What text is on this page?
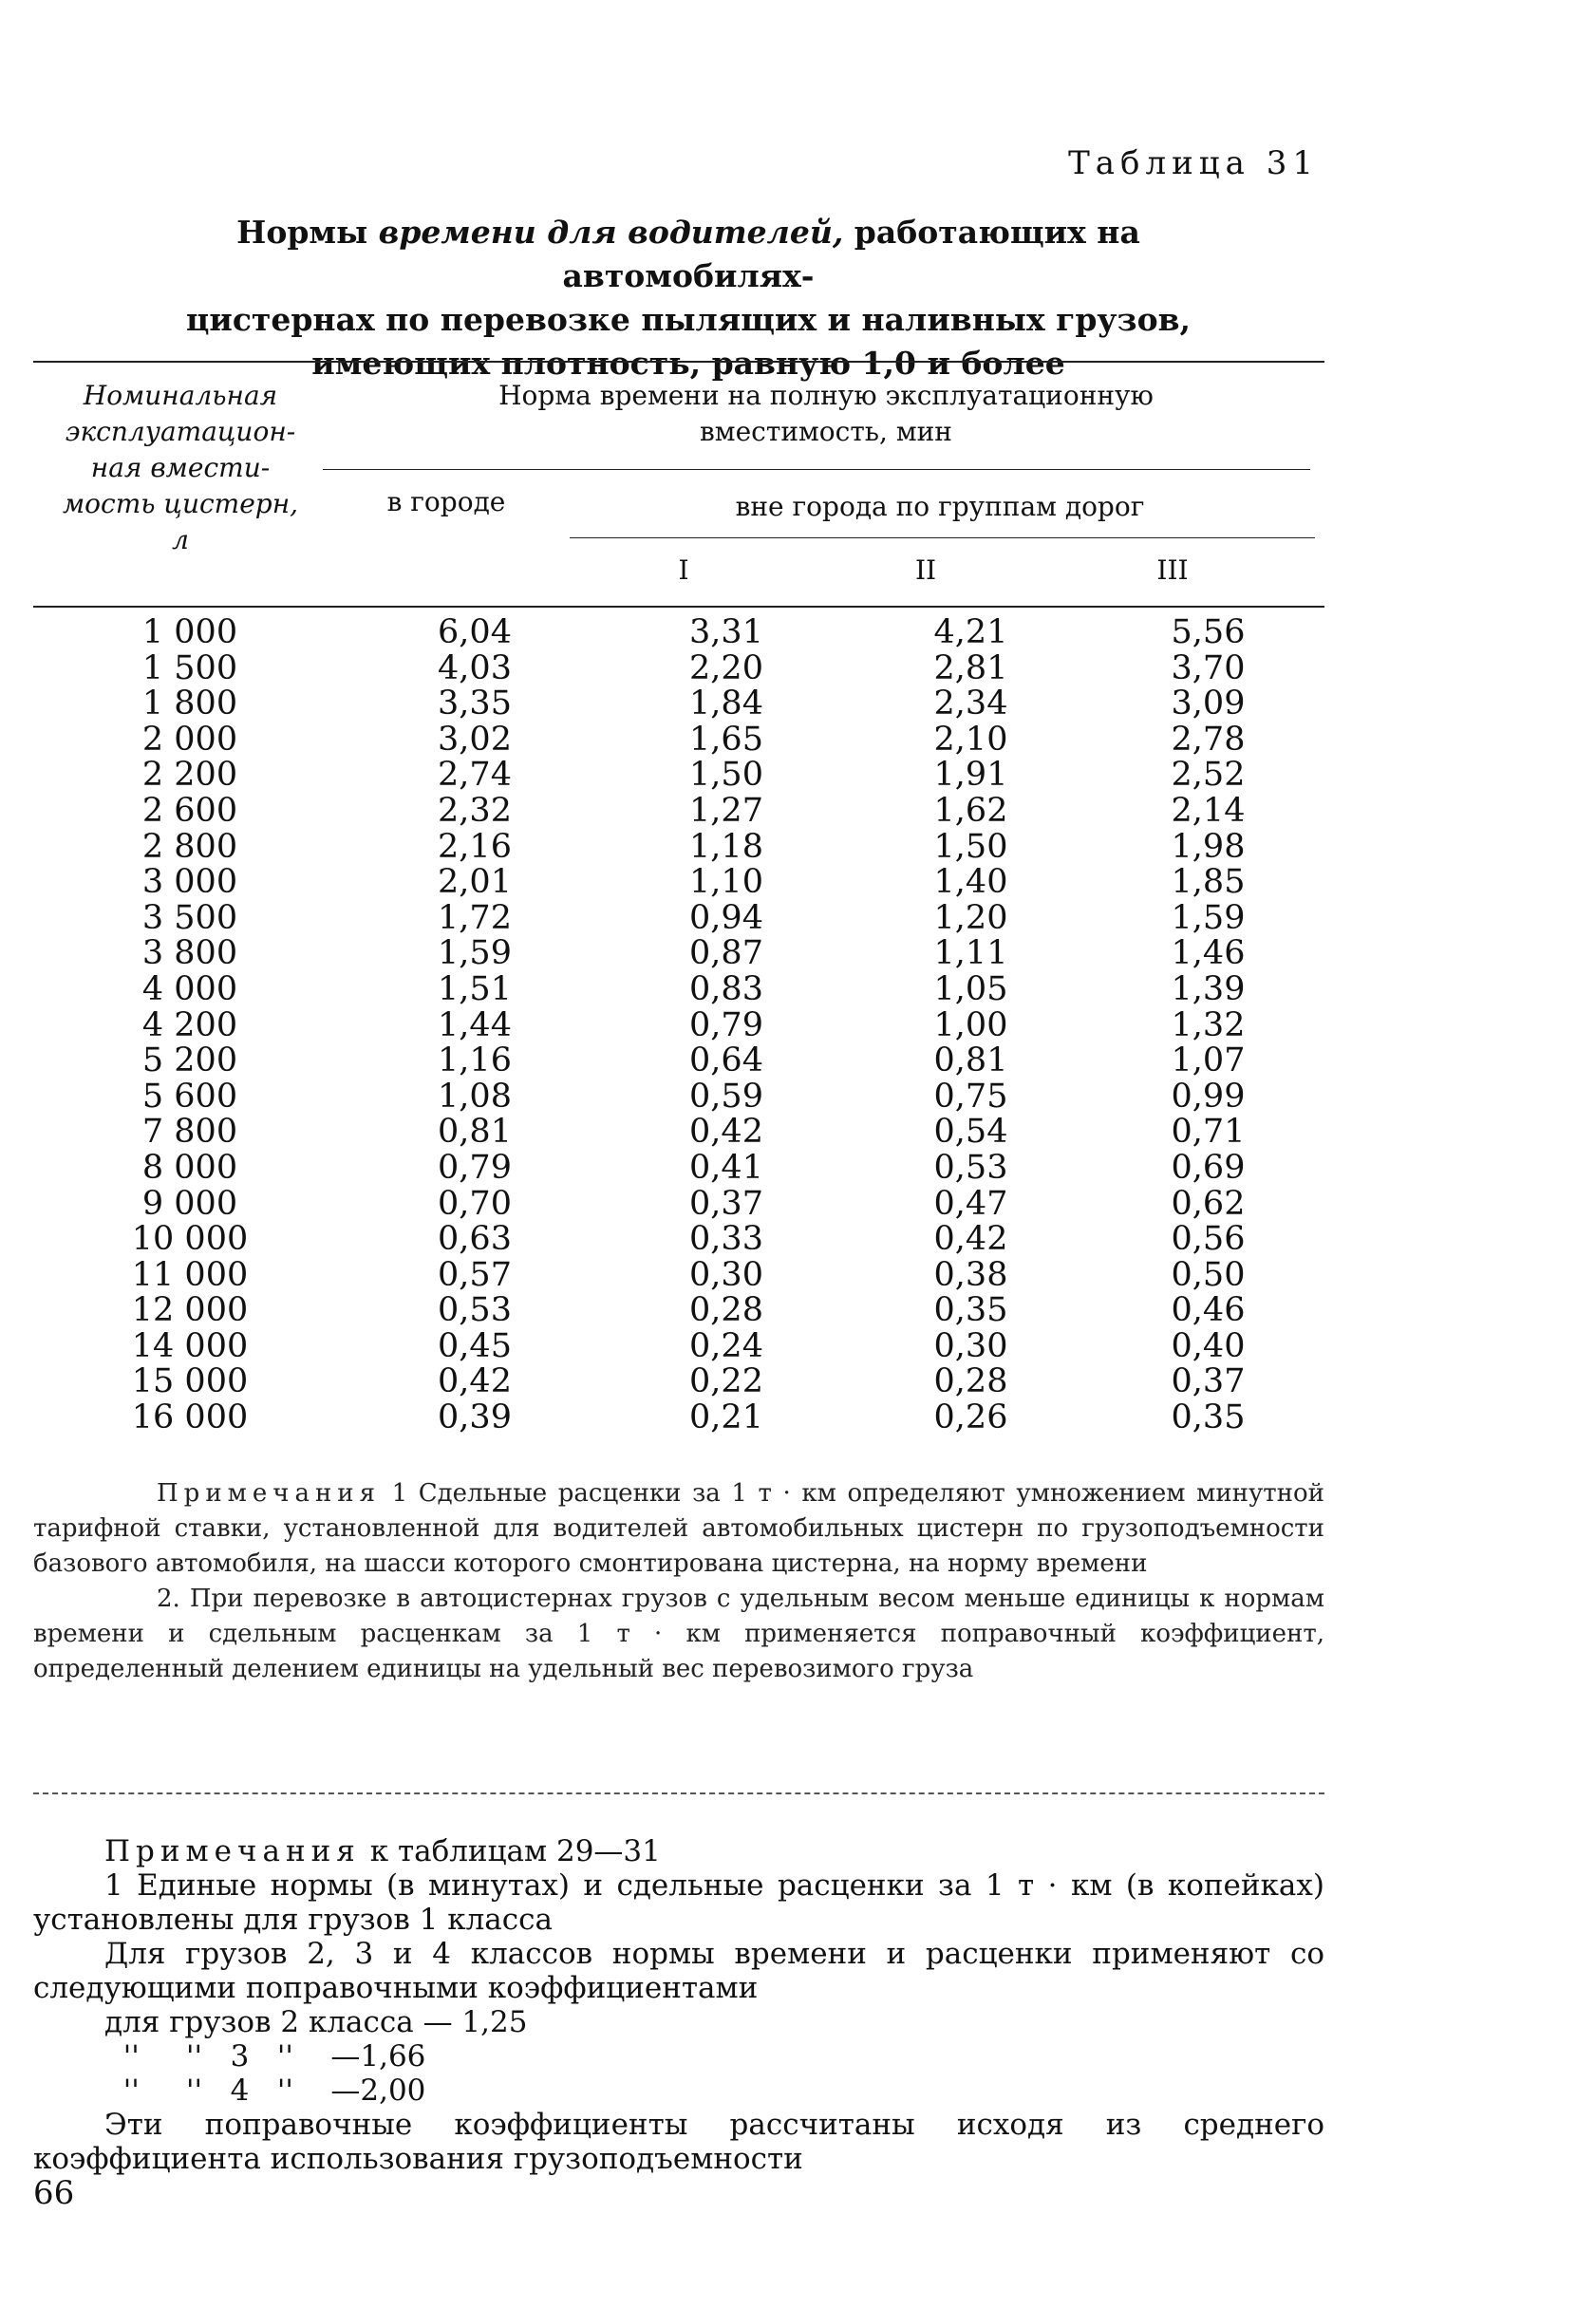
Таблица 31
Нормы времени для водителей, работающих на автомобилях-
цистернах по перевозке пылящих и наливных грузов,
имеющих плотность, равную 1,0 и более
Номинальная
эксплуатацион-
ная вмести-
мость цистерн,
л
Норма времени на полную эксплуатационную
вместимость, мин
в городе	вне города по группам дорог
I	II	III
1 000	6,04	3,31	4,21	5,56
1 500	4,03	2,20	2,81	3,70
1 800	3,35	1,84	2,34	3,09
2 000	3,02	1,65	2,10	2,78
2 200	2,74	1,50	1,91	2,52
2 600	2,32	1,27	1,62	2,14
2 800	2,16	1,18	1,50	1,98
3 000	2,01	1,10	1,40	1,85
3 500	1,72	0,94	1,20	1,59
3 800	1,59	0,87	1,11	1,46
4 000	1,51	0,83	1,05	1,39
4 200	1,44	0,79	1,00	1,32
5 200	1,16	0,64	0,81	1,07
5 600	1,08	0,59	0,75	0,99
7 800	0,81	0,42	0,54	0,71
8 000	0,79	0,41	0,53	0,69
9 000	0,70	0,37	0,47	0,62
10 000	0,63	0,33	0,42	0,56
11 000	0,57	0,30	0,38	0,50
12 000	0,53	0,28	0,35	0,46
14 000	0,45	0,24	0,30	0,40
15 000	0,42	0,22	0,28	0,37
16 000	0,39	0,21	0,26	0,35

Примечания 1 Сдельные расценки за 1 т · км определяют умножением минутной тарифной ставки, установленной для водителей автомобильных цистерн по грузоподъемности базового автомобиля, на шасси которого смонтирована цистерна, на норму времени

2. При перевозке в автоцистернах грузов с удельным весом меньше единицы к нормам времени и сдельным расценкам за 1 т · км применяется поправочный коэффициент, определенный делением единицы на удельный вес перевозимого груза

Примечания к таблицам 29—31

1 Единые нормы (в минутах) и сдельные расценки за 1 т · км (в копейках) установлены для грузов 1 класса

Для грузов 2, 3 и 4 классов нормы времени и расценки применяют со следующими поправочными коэффициентами

для грузов 2 класса — 1,25
''     ''   3   ''    —1,66
''     ''   4   ''    —2,00

Эти поправочные коэффициенты рассчитаны исходя из среднего коэффициента использования грузоподъемности

66
